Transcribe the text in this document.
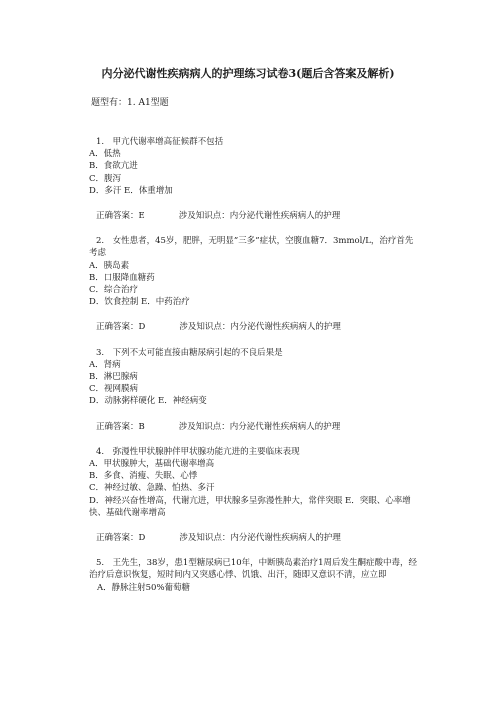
内分泌代谢性疾病病人的护理练习试卷3(题后含答案及解析)
题型有：1. A1型题

1.　甲亢代谢率增高征候群不包括

A．低热

B．食欲亢进

C．腹泻

D．多汗 E．体重增加

正确答案：E	涉及知识点：内分泌代谢性疾病病人的护理

2.　女性患者，45岁，肥胖，无明显”三多”症状，空腹血糖7．3mmol/L，治疗首先考虑

A．胰岛素

B．口服降血糖药

C．综合治疗

D．饮食控制 E．中药治疗

正确答案：D	涉及知识点：内分泌代谢性疾病病人的护理

3.　下列不太可能直接由糖尿病引起的不良后果是

A．肾病

B．淋巴腺病

C．视网膜病

D．动脉粥样硬化 E．神经病变

正确答案：B	涉及知识点：内分泌代谢性疾病病人的护理

4.　弥漫性甲状腺肿伴甲状腺功能亢进的主要临床表现

A．甲状腺肿大，基础代谢率增高

B．多食、消瘦、失眠、心悸

C．神经过敏、急躁、怕热、多汗

D．神经兴奋性增高，代谢亢进，甲状腺多呈弥漫性肿大，常伴突眼 E．突眼、心率增快、基础代谢率增高

正确答案：D	涉及知识点：内分泌代谢性疾病病人的护理

5.　王先生，38岁，患1型糖尿病已10年，中断胰岛素治疗1周后发生酮症酸中毒，经治疗后意识恢复，短时间内又突感心悸、饥饿、出汗，随即又意识不清，应立即

A．静脉注射50%葡萄糖
